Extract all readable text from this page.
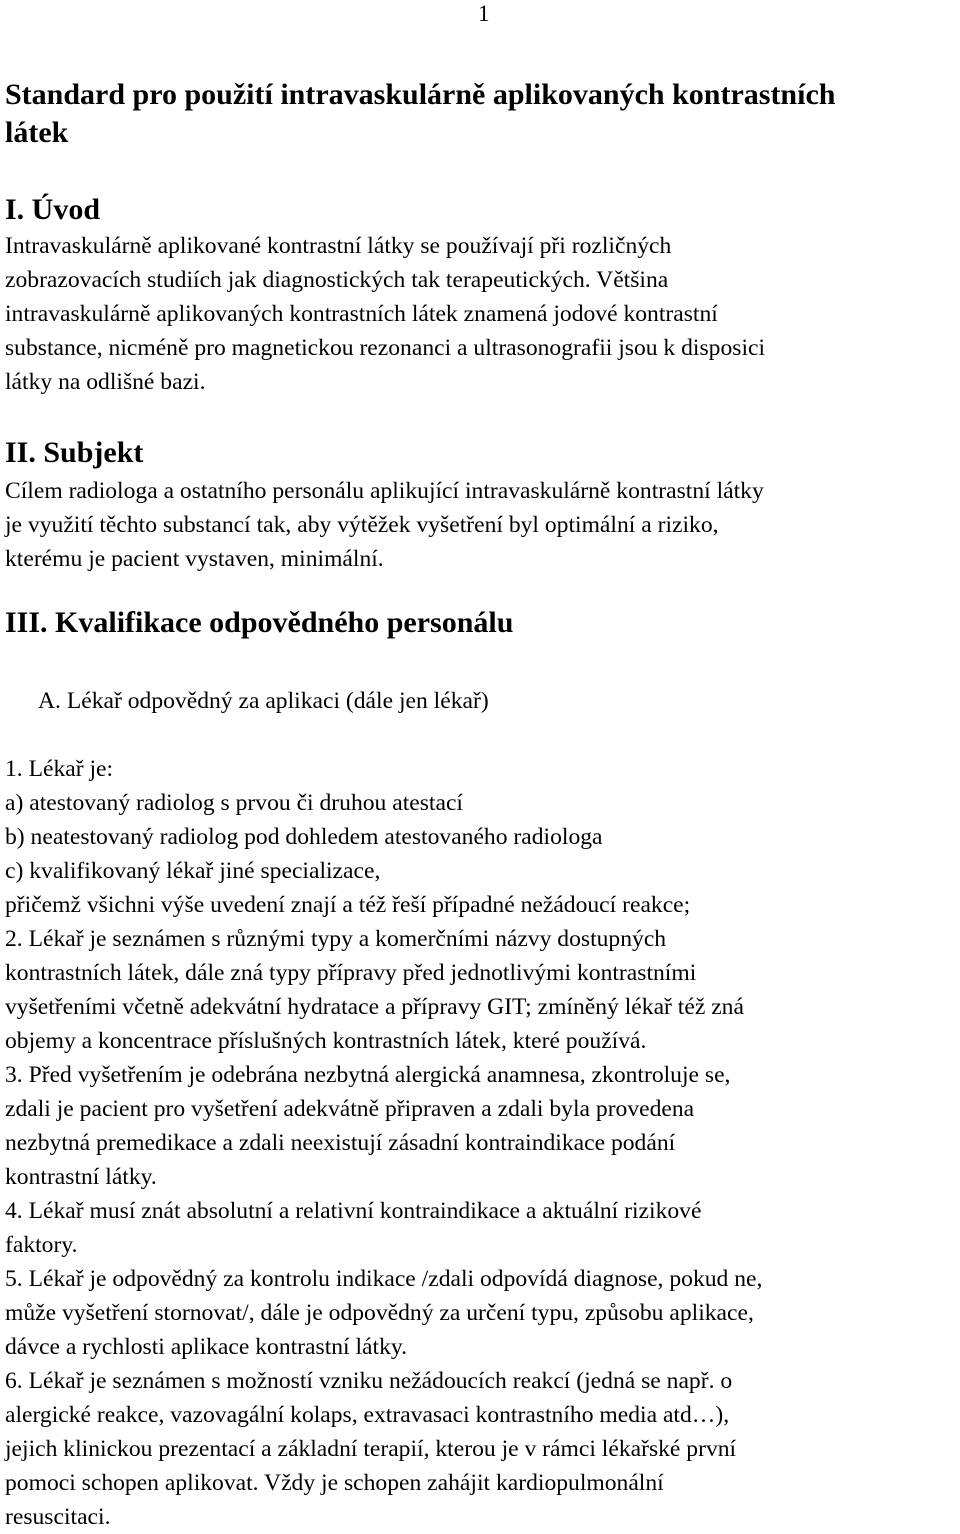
1
Standard pro použití intravaskulárně aplikovaných kontrastních
látek
I. Úvod

Intravaskulárně aplikované kontrastní látky se používají při rozličných
zobrazovacích studiích jak diagnostických tak terapeutických. Většina
intravaskulárně aplikovaných kontrastních látek znamená jodové kontrastní
substance, nicméně pro magnetickou rezonanci a ultrasonografii jsou k disposici
látky na odlišné bazi.

II. Subjekt

Cílem radiologa a ostatního personálu aplikující intravaskulárně kontrastní látky
je využití těchto substancí tak, aby výtěžek vyšetření byl optimální a riziko,
kterému je pacient vystaven, minimální.

III. Kvalifikace odpovědného personálu
A. Lékař odpovědný za aplikaci (dále jen lékař)

1. Lékař je:
a) atestovaný radiolog s prvou či druhou atestací
b) neatestovaný radiolog pod dohledem atestovaného radiologa
c) kvalifikovaný lékař jiné specializace,
přičemž všichni výše uvedení znají a též řeší případné nežádoucí reakce;
2. Lékař je seznámen s různými typy a komerčními názvy dostupných
kontrastních látek, dále zná typy přípravy před jednotlivými kontrastními
vyšetřeními včetně adekvátní hydratace a přípravy GIT; zmíněný lékař též zná
objemy a koncentrace příslušných kontrastních látek, které používá.
3. Před vyšetřením je odebrána nezbytná alergická anamnesa, zkontroluje se,
zdali je pacient pro vyšetření adekvátně připraven a zdali byla provedena
nezbytná premedikace a zdali neexistují zásadní kontraindikace podání
kontrastní látky.
4. Lékař musí znát absolutní a relativní kontraindikace a aktuální rizikové
faktory.
5. Lékař je odpovědný za kontrolu indikace /zdali odpovídá diagnose, pokud ne,
může vyšetření stornovat/, dále je odpovědný za určení typu, způsobu aplikace,
dávce a rychlosti aplikace kontrastní látky.
6. Lékař je seznámen s možností vzniku nežádoucích reakcí (jedná se např. o
alergické reakce, vazovagální kolaps, extravasaci kontrastního media atd…),
jejich klinickou prezentací a základní terapií, kterou je v rámci lékařské první
pomoci schopen aplikovat. Vždy je schopen zahájit kardiopulmonální
resuscitaci.
